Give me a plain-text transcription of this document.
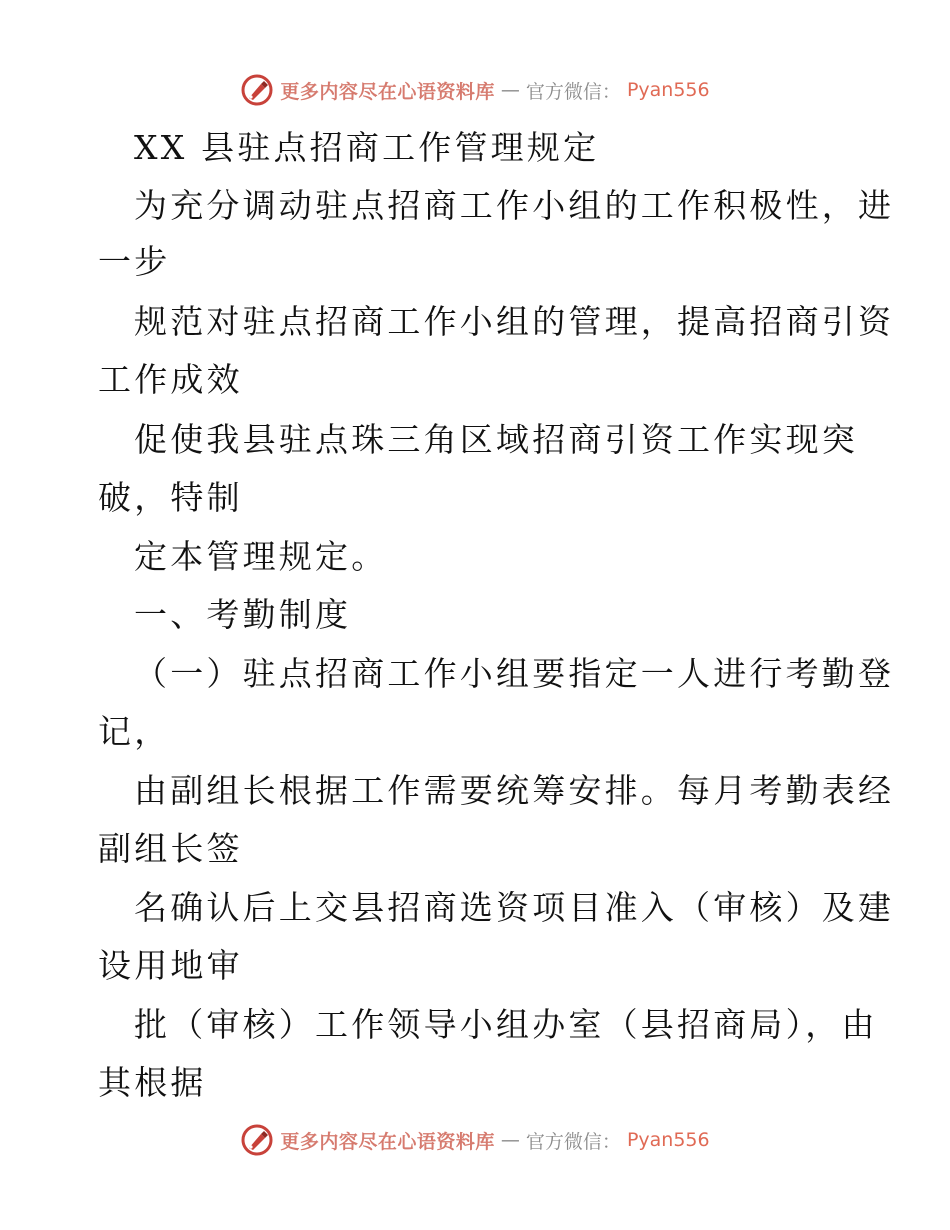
更多内容尽在心语资料库 — 官方微信： Pyan556
XX 县驻点招商工作管理规定
为充分调动驻点招商工作小组的工作积极性，进
一步
规范对驻点招商工作小组的管理，提高招商引资
工作成效
促使我县驻点珠三角区域招商引资工作实现突
破，特制
定本管理规定。
一、考勤制度
（一）驻点招商工作小组要指定一人进行考勤登
记，
由副组长根据工作需要统筹安排。每月考勤表经
副组长签
名确认后上交县招商选资项目准入（审核）及建
设用地审
批（审核）工作领导小组办室（县招商局），由
其根据
更多内容尽在心语资料库 — 官方微信： Pyan556
